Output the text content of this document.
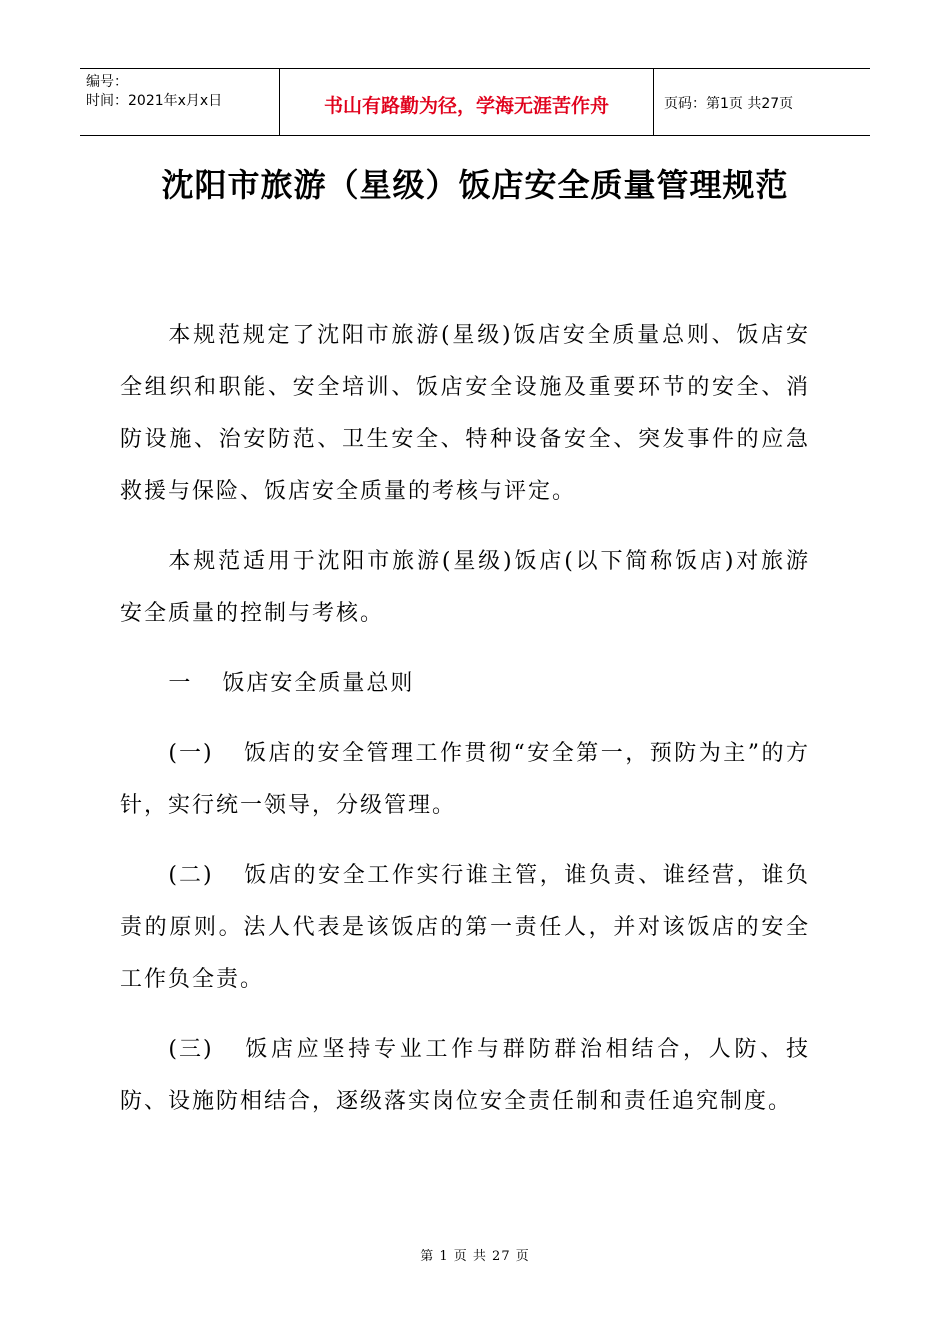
编号：
时间：2021年x月x日	书山有路勤为径，学海无涯苦作舟	页码：第1页 共27页
沈阳市旅游（星级）饭店安全质量管理规范

本规范规定了沈阳市旅游(星级)饭店安全质量总则、饭店安全组织和职能、安全培训、饭店安全设施及重要环节的安全、消防设施、治安防范、卫生安全、特种设备安全、突发事件的应急救援与保险、饭店安全质量的考核与评定。

本规范适用于沈阳市旅游(星级)饭店(以下简称饭店)对旅游安全质量的控制与考核。

一 饭店安全质量总则

(一) 饭店的安全管理工作贯彻“安全第一，预防为主”的方针，实行统一领导，分级管理。

(二) 饭店的安全工作实行谁主管，谁负责、谁经营，谁负责的原则。法人代表是该饭店的第一责任人，并对该饭店的安全工作负全责。

(三) 饭店应坚持专业工作与群防群治相结合，人防、技防、设施防相结合，逐级落实岗位安全责任制和责任追究制度。

第 1 页 共 27 页
